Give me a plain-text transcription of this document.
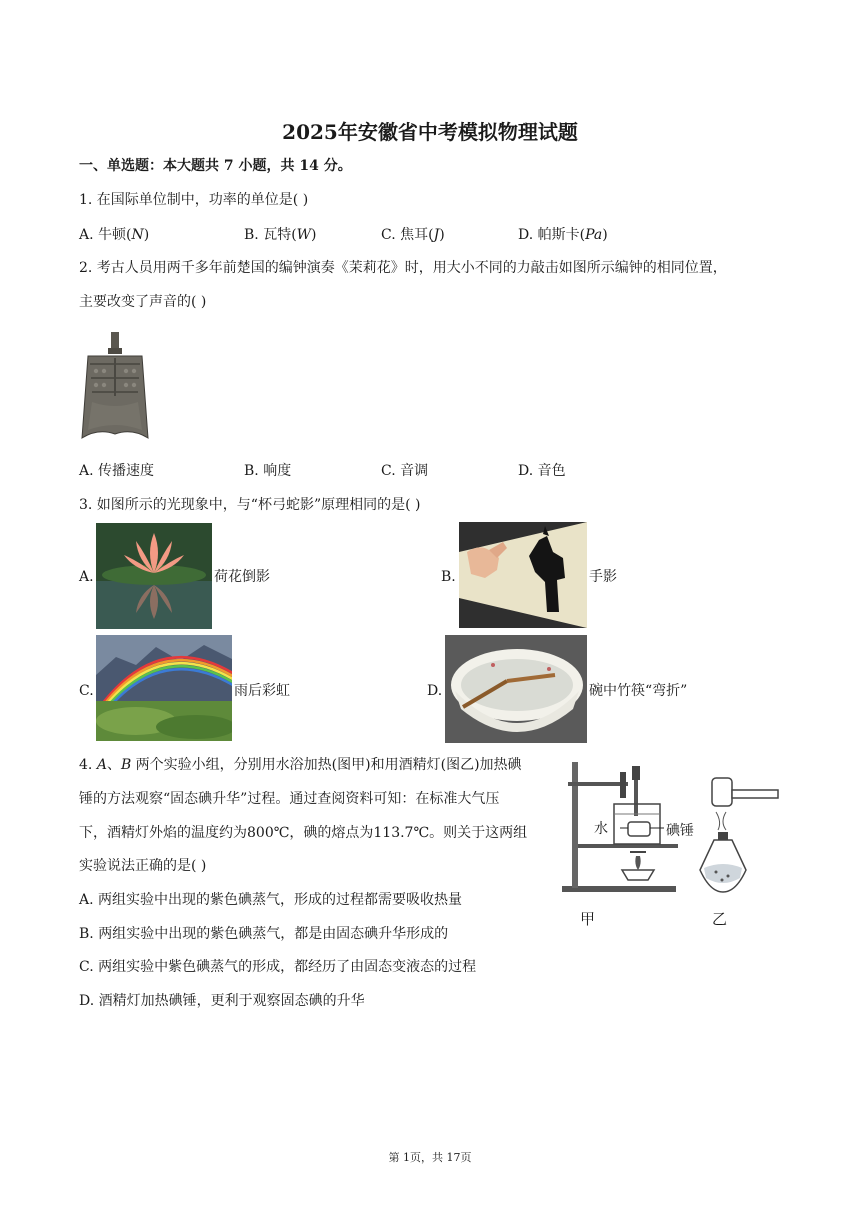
2025年安徽省中考模拟物理试题
一、单选题：本大题共 7 小题，共 14 分。
1. 在国际单位制中，功率的单位是( )
A. 牛顿(N)	B. 瓦特(W)	C. 焦耳(J)	D. 帕斯卡(Pa)
2. 考古人员用两千多年前楚国的编钟演奏《茉莉花》时，用大小不同的力敲击如图所示编钟的相同位置，
主要改变了声音的( )
A. 传播速度	B. 响度	C. 音调	D. 音色
3. 如图所示的光现象中，与“杯弓蛇影”原理相同的是( )
A.	荷花倒影	B.	手影
C.	雨后彩虹	D.	碗中竹筷“弯折”
4. A、B 两个实验小组，分别用水浴加热(图甲)和用酒精灯(图乙)加热碘
锤的方法观察“固态碘升华”过程。通过查阅资料可知：在标准大气压
下，酒精灯外焰的温度约为800℃，碘的熔点为113.7℃。则关于这两组
实验说法正确的是( )
A. 两组实验中出现的紫色碘蒸气，形成的过程都需要吸收热量
B. 两组实验中出现的紫色碘蒸气，都是由固态碘升华形成的
C. 两组实验中紫色碘蒸气的形成，都经历了由固态变液态的过程
D. 酒精灯加热碘锤，更利于观察固态碘的升华
水	碘锤
甲	乙
第 1页，共 17页
